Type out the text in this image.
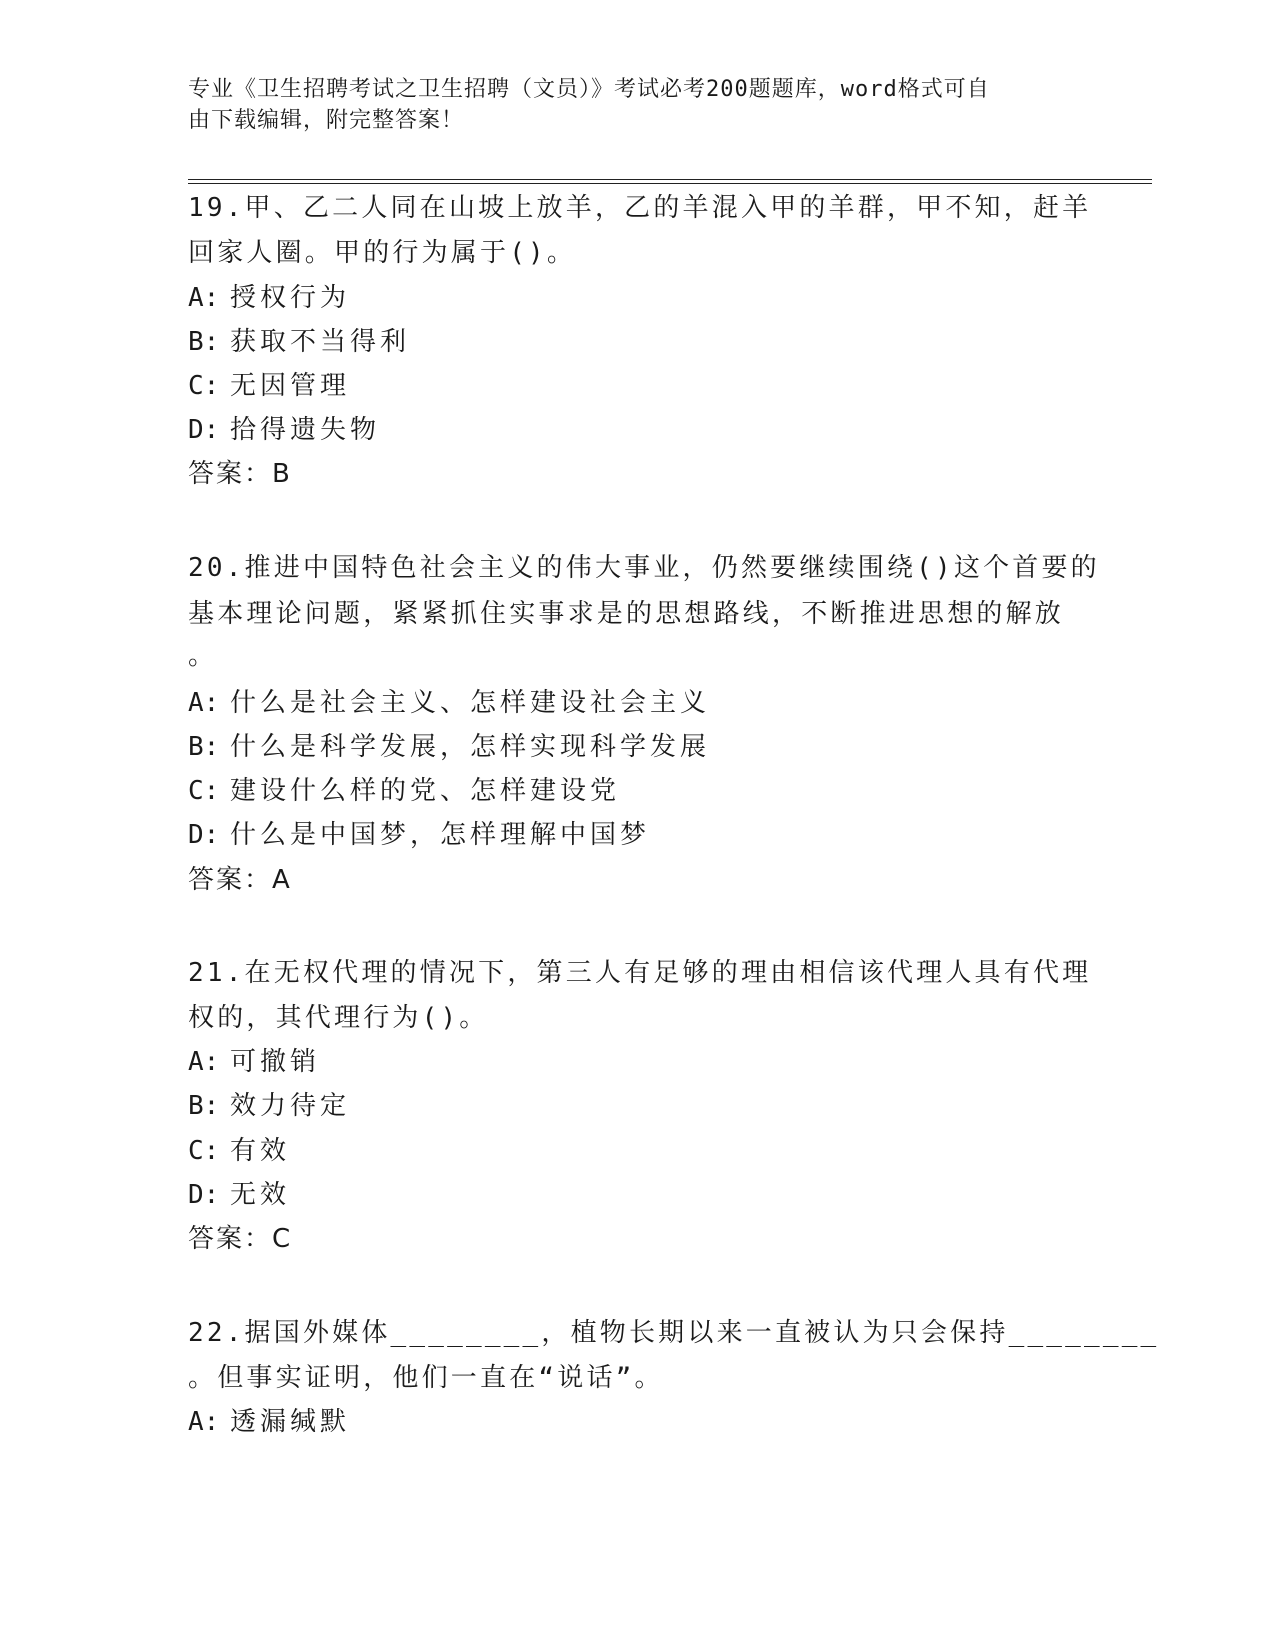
专业《卫生招聘考试之卫生招聘（文员）》考试必考200题题库，word格式可自
由下载编辑，附完整答案！
19.甲、乙二人同在山坡上放羊，乙的羊混入甲的羊群，甲不知，赶羊
回家人圈。甲的行为属于()。
A: 授权行为
B: 获取不当得利
C: 无因管理
D: 拾得遗失物
答案：B
20.推进中国特色社会主义的伟大事业，仍然要继续围绕()这个首要的
基本理论问题，紧紧抓住实事求是的思想路线，不断推进思想的解放
。
A: 什么是社会主义、怎样建设社会主义
B: 什么是科学发展，怎样实现科学发展
C: 建设什么样的党、怎样建设党
D: 什么是中国梦，怎样理解中国梦
答案：A
21.在无权代理的情况下，第三人有足够的理由相信该代理人具有代理
权的，其代理行为()。
A: 可撤销
B: 效力待定
C: 有效
D: 无效
答案：C
22.据国外媒体________，植物长期以来一直被认为只会保持________
。但事实证明，他们一直在“说话”。
A: 透漏缄默
